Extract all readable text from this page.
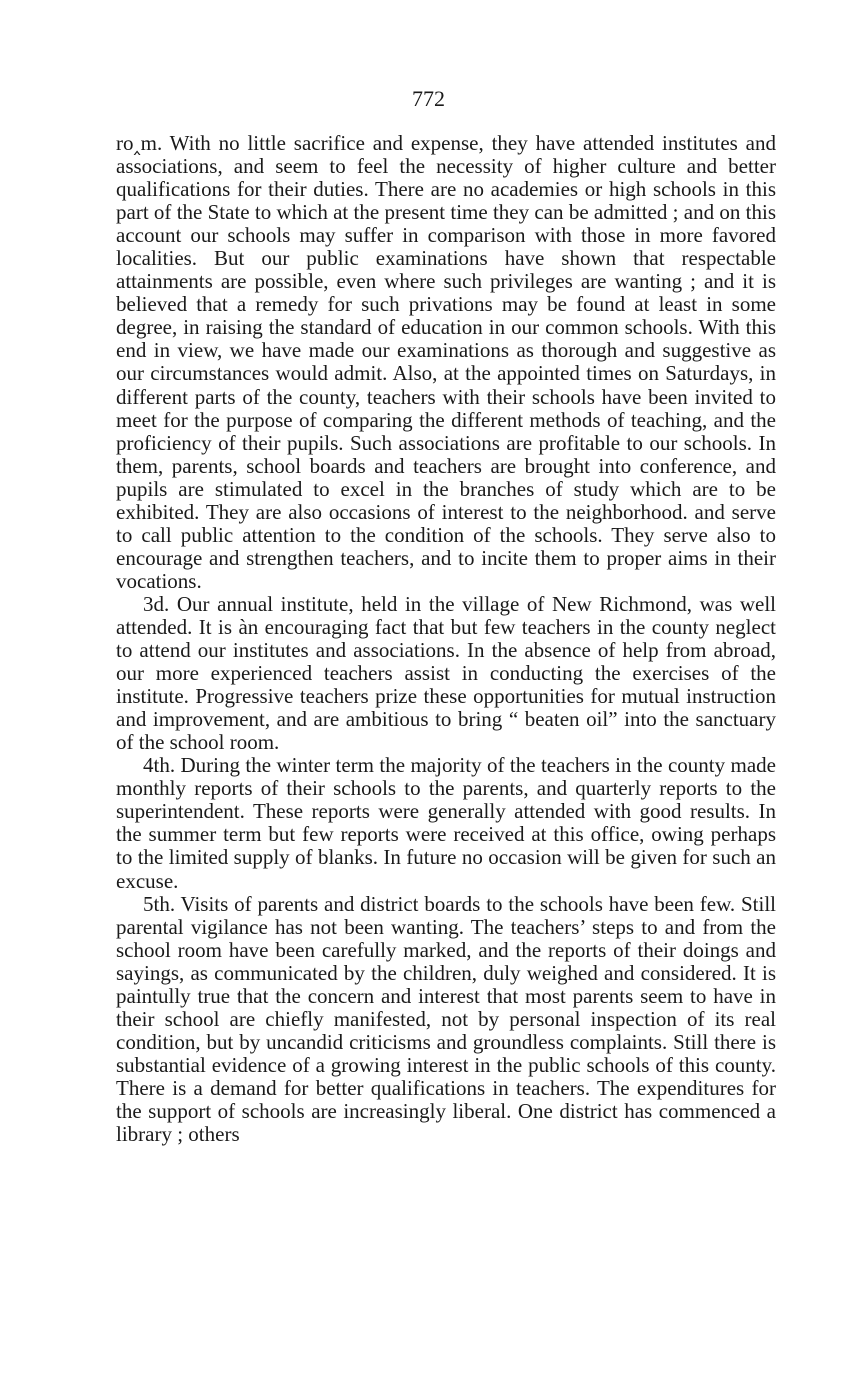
772

ro‸m. With no little sacrifice and expense, they have attended institutes and associations, and seem to feel the necessity of higher culture and better qualifications for their duties. There are no academies or high schools in this part of the State to which at the present time they can be admitted ; and on this account our schools may suffer in comparison with those in more favored localities. But our public examinations have shown that respectable attainments are possible, even where such privileges are wanting ; and it is believed that a remedy for such privations may be found at least in some degree, in raising the standard of education in our common schools. With this end in view, we have made our examinations as thorough and suggestive as our circumstances would admit. Also, at the appointed times on Saturdays, in different parts of the county, teachers with their schools have been invited to meet for the purpose of comparing the different methods of teaching, and the proficiency of their pupils. Such associations are profitable to our schools. In them, parents, school boards and teachers are brought into conference, and pupils are stimulated to excel in the branches of study which are to be exhibited. They are also occasions of interest to the neighborhood. and serve to call public attention to the condition of the schools. They serve also to encourage and strengthen teachers, and to incite them to proper aims in their vocations.

3d. Our annual institute, held in the village of New Richmond, was well attended. It is àn encouraging fact that but few teachers in the county neglect to attend our institutes and associations. In the absence of help from abroad, our more experienced teachers assist in conducting the exercises of the institute. Progressive teachers prize these opportunities for mutual instruction and improvement, and are ambitious to bring “ beaten oil” into the sanctuary of the school room.

4th. During the winter term the majority of the teachers in the county made monthly reports of their schools to the parents, and quarterly reports to the superintendent. These reports were generally attended with good results. In the summer term but few reports were received at this office, owing perhaps to the limited supply of blanks. In future no occasion will be given for such an excuse.

5th. Visits of parents and district boards to the schools have been few. Still parental vigilance has not been wanting. The teachers’ steps to and from the school room have been carefully marked, and the reports of their doings and sayings, as communicated by the children, duly weighed and considered. It is paintully true that the concern and interest that most parents seem to have in their school are chiefly manifested, not by personal inspection of its real condition, but by uncandid criticisms and groundless complaints. Still there is substantial evidence of a growing interest in the public schools of this county. There is a demand for better qualifications in teachers. The expenditures for the support of schools are increasingly liberal. One district has commenced a library ; others
